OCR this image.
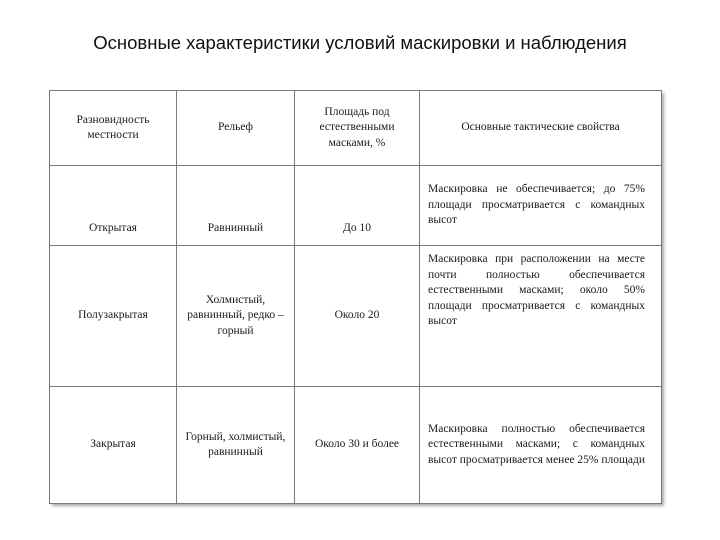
Основные характеристики условий маскировки и наблюдения
Разновидность местности	Рельеф	Площадь под естественными масками, %	Основные тактические свойства
Открытая	Равнинный	До 10	Маскировка не обеспечивается; до 75% площади просматривается с командных высот
Полузакрытая	Холмистый, равнинный, редко – горный	Около 20	Маскировка при расположении на месте почти полностью обеспечивается естественными масками; около 50% площади просматривается с командных высот
Закрытая	Горный, холмистый, равнинный	Около 30 и более	Маскировка полностью обеспечивается естественными масками; с командных высот просматривается менее 25% площади
